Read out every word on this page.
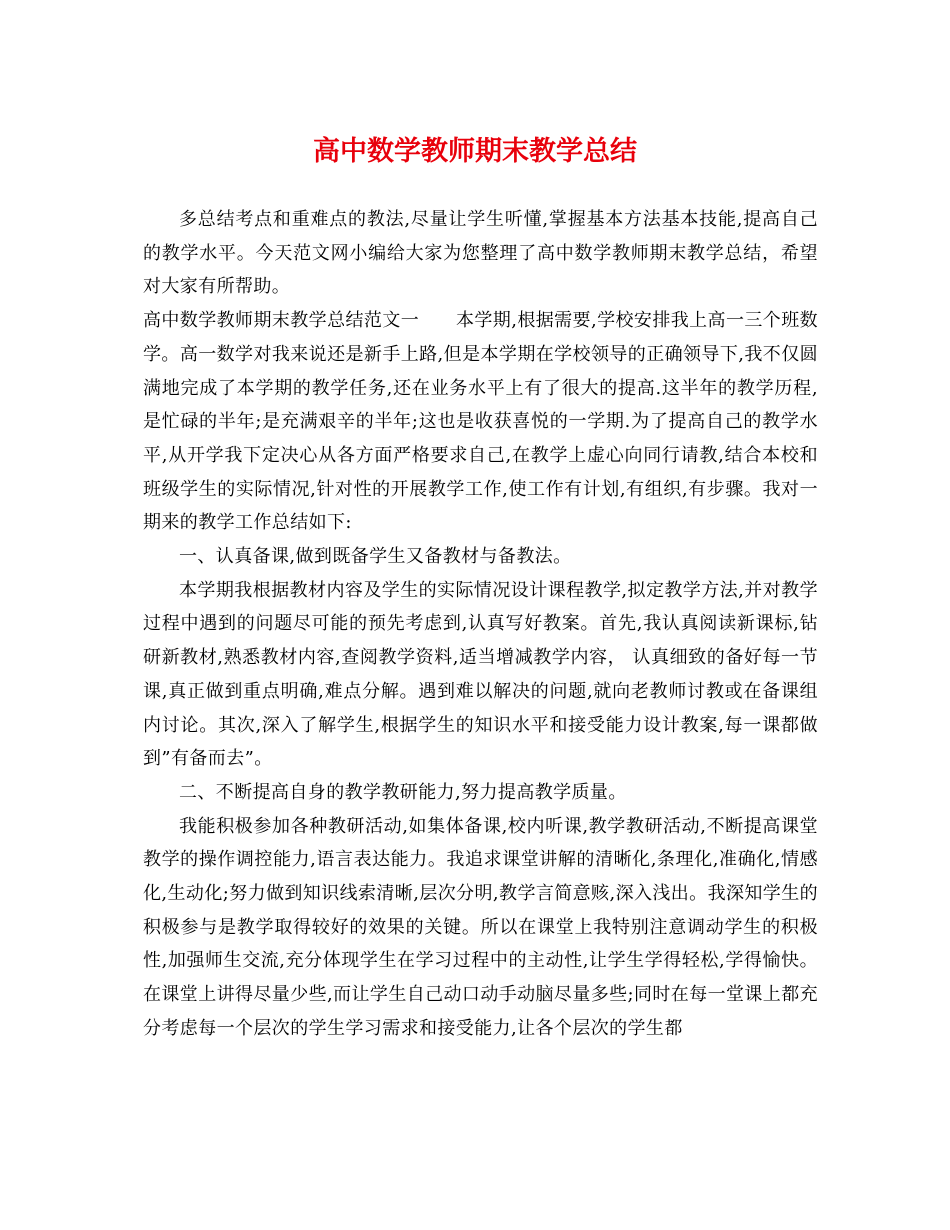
高中数学教师期末教学总结

多总结考点和重难点的教法,尽量让学生听懂,掌握基本方法基本技能,提高自己的教学水平。今天范文网小编给大家为您整理了高中数学教师期末教学总结，希望对大家有所帮助。

高中数学教师期末教学总结范文一　　本学期,根据需要,学校安排我上高一三个班数学。高一数学对我来说还是新手上路,但是本学期在学校领导的正确领导下,我不仅圆满地完成了本学期的教学任务,还在业务水平上有了很大的提高.这半年的教学历程,是忙碌的半年;是充满艰辛的半年;这也是收获喜悦的一学期.为了提高自己的教学水平,从开学我下定决心从各方面严格要求自己,在教学上虚心向同行请教,结合本校和班级学生的实际情况,针对性的开展教学工作,使工作有计划,有组织,有步骤。我对一期来的教学工作总结如下:

一、认真备课,做到既备学生又备教材与备教法。

本学期我根据教材内容及学生的实际情况设计课程教学,拟定教学方法,并对教学过程中遇到的问题尽可能的预先考虑到,认真写好教案。首先,我认真阅读新课标,钻研新教材,熟悉教材内容,查阅教学资料,适当增减教学内容， 认真细致的备好每一节课,真正做到重点明确,难点分解。遇到难以解决的问题,就向老教师讨教或在备课组内讨论。其次,深入了解学生,根据学生的知识水平和接受能力设计教案,每一课都做到”有备而去”。

二、不断提高自身的教学教研能力,努力提高教学质量。

我能积极参加各种教研活动,如集体备课,校内听课,教学教研活动,不断提高课堂教学的操作调控能力,语言表达能力。我追求课堂讲解的清晰化,条理化,准确化,情感化,生动化;努力做到知识线索清晰,层次分明,教学言简意赅,深入浅出。我深知学生的积极参与是教学取得较好的效果的关键。所以在课堂上我特别注意调动学生的积极性,加强师生交流,充分体现学生在学习过程中的主动性,让学生学得轻松,学得愉快。在课堂上讲得尽量少些,而让学生自己动口动手动脑尽量多些;同时在每一堂课上都充分考虑每一个层次的学生学习需求和接受能力,让各个层次的学生都
